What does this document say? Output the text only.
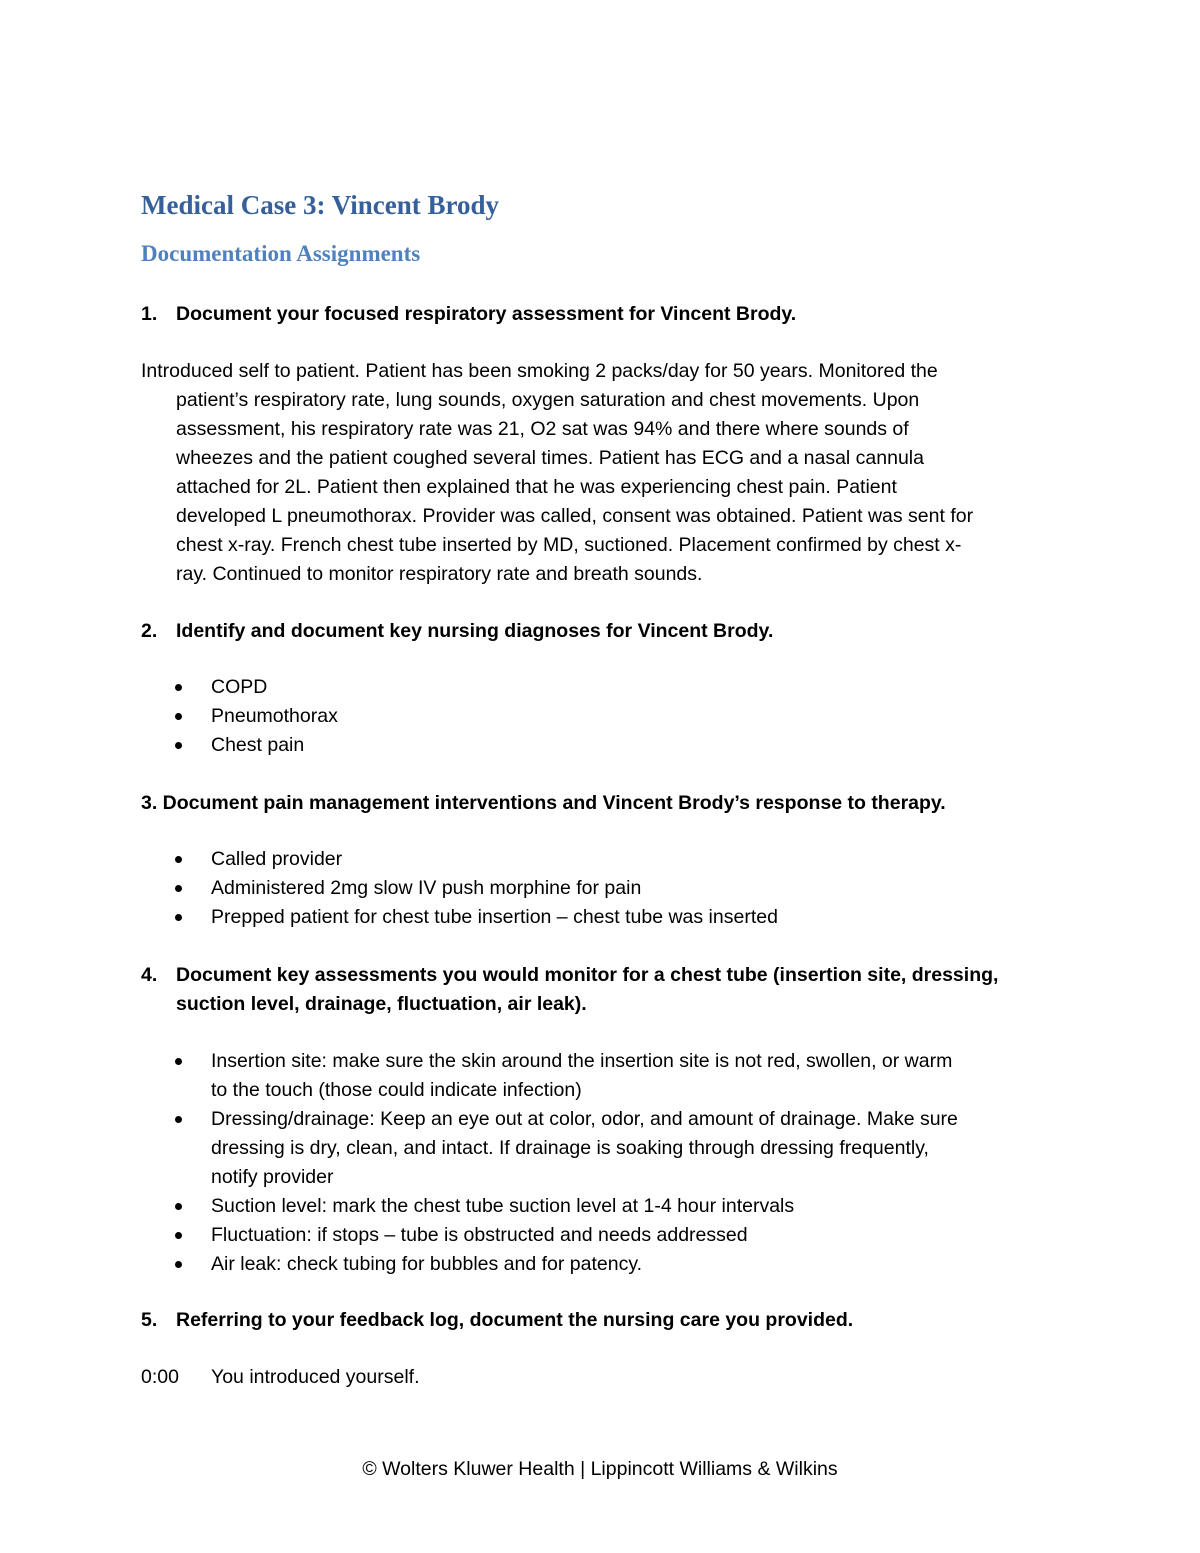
Medical Case 3: Vincent Brody
Documentation Assignments
1. Document your focused respiratory assessment for Vincent Brody.
Introduced self to patient. Patient has been smoking 2 packs/day for 50 years. Monitored the
patient’s respiratory rate, lung sounds, oxygen saturation and chest movements. Upon
assessment, his respiratory rate was 21, O2 sat was 94% and there where sounds of
wheezes and the patient coughed several times. Patient has ECG and a nasal cannula
attached for 2L. Patient then explained that he was experiencing chest pain. Patient
developed L pneumothorax. Provider was called, consent was obtained. Patient was sent for
chest x-ray. French chest tube inserted by MD, suctioned. Placement confirmed by chest x-
ray. Continued to monitor respiratory rate and breath sounds.
2. Identify and document key nursing diagnoses for Vincent Brody.
COPD
Pneumothorax
Chest pain
3. Document pain management interventions and Vincent Brody’s response to therapy.
Called provider
Administered 2mg slow IV push morphine for pain
Prepped patient for chest tube insertion – chest tube was inserted
4. Document key assessments you would monitor for a chest tube (insertion site, dressing,
suction level, drainage, fluctuation, air leak).
Insertion site: make sure the skin around the insertion site is not red, swollen, or warm
to the touch (those could indicate infection)
Dressing/drainage: Keep an eye out at color, odor, and amount of drainage. Make sure
dressing is dry, clean, and intact. If drainage is soaking through dressing frequently,
notify provider
Suction level: mark the chest tube suction level at 1-4 hour intervals
Fluctuation: if stops – tube is obstructed and needs addressed
Air leak: check tubing for bubbles and for patency.
5. Referring to your feedback log, document the nursing care you provided.
0:00 You introduced yourself.
© Wolters Kluwer Health | Lippincott Williams & Wilkins
